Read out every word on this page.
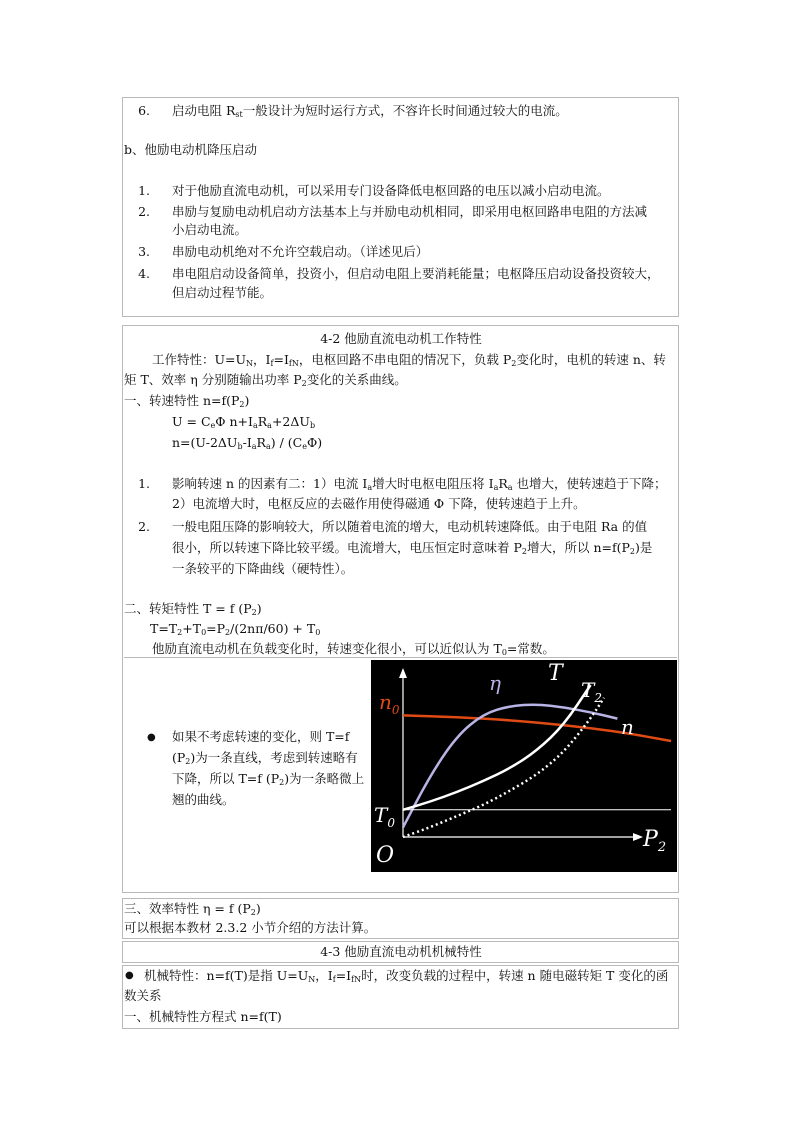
6. 启动电阻 $R_{st}$一般设计为短时运行方式，不容许长时间通过较大的电流。
b、他励电动机降压启动
1. 对于他励直流电动机，可以采用专门设备降低电枢回路的电压以减小启动电流。
2. 串励与复励电动机启动方法基本上与并励电动机相同，即采用电枢回路串电阻的方法减
小启动电流。
3. 串励电动机绝对不允许空载启动。（详述见后）
4. 串电阻启动设备简单，投资小，但启动电阻上要消耗能量；电枢降压启动设备投资较大，
但启动过程节能。
4-2 他励直流电动机工作特性
工作特性：$U=U_N$，$I_f=I_{fN}$，电枢回路不串电阻的情况下，负载 $P_2$变化时，电机的转速 n、转
矩 T、效率 η 分别随输出功率 $P_2$变化的关系曲线。
一、转速特性 $n=f(P_2)$
$U = C_e\Phi$ $n+I_aR_a+2\Delta U_b$
$n=(U-2\Delta U_b-I_aR_a) / (C_e\Phi)$
1. 影响转速 n 的因素有二：1）电流 $I_a$增大时电枢电阻压将 $I_aR_a$ 也增大，使转速趋于下降；
2）电流增大时，电枢反应的去磁作用使得磁通 Φ 下降，使转速趋于上升。
2. 一般电阻压降的影响较大，所以随着电流的增大，电动机转速降低。由于电阻 Ra 的值
很小，所以转速下降比较平缓。电流增大，电压恒定时意味着 $P_2$增大，所以 $n=f(P_2)$是
一条较平的下降曲线（硬特性）。
二、转矩特性 T = f $(P_2)$
$T=T_2+T_0=P_2/(2n\pi/60) + T_0$
他励直流电动机在负载变化时，转速变化很小，可以近似认为 $T_0=$常数。
● 如果不考虑转速的变化，则 T=f
$(P_2)$为一条直线，考虑到转速略有
下降，所以 T=f $(P_2)$为一条略微上
翘的曲线。
O
$T_0$
$n_0$
η T
$T_2$
n
$P_2$
三、效率特性 η = f $(P_2)$
可以根据本教材 2.3.2 小节介绍的方法计算。
4-3 他励直流电动机机械特性
● 机械特性：n=f(T)是指 $U=U_N$，$I_f=I_{fN}$时，改变负载的过程中，转速 n 随电磁转矩 T 变化的函
数关系
一、机械特性方程式 n=f(T)
